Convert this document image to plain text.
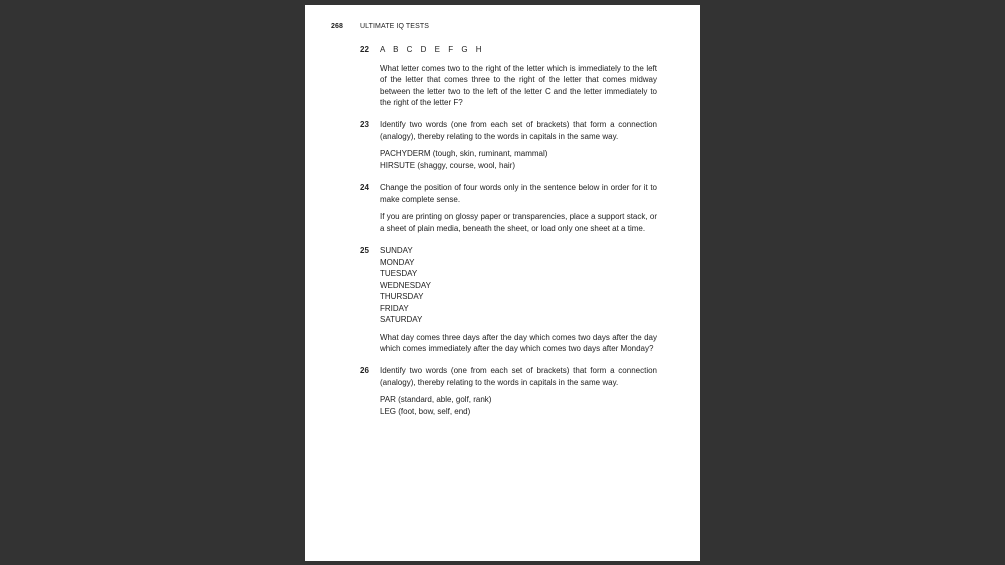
268 ULTIMATE IQ TESTS
22 A B C D E F G H

What letter comes two to the right of the letter which is immediately to the left of the letter that comes three to the right of the letter that comes midway between the letter two to the left of the letter C and the letter immediately to the right of the letter F?

23 Identify two words (one from each set of brackets) that form a connection (analogy), thereby relating to the words in capitals in the same way.

PACHYDERM (tough, skin, ruminant, mammal)
HIRSUTE (shaggy, course, wool, hair)

24 Change the position of four words only in the sentence below in order for it to make complete sense.

If you are printing on glossy paper or transparencies, place a support stack, or a sheet of plain media, beneath the sheet, or load only one sheet at a time.

25 SUNDAY
MONDAY
TUESDAY
WEDNESDAY
THURSDAY
FRIDAY
SATURDAY

What day comes three days after the day which comes two days after the day which comes immediately after the day which comes two days after Monday?

26 Identify two words (one from each set of brackets) that form a connection (analogy), thereby relating to the words in capitals in the same way.

PAR (standard, able, golf, rank)
LEG (foot, bow, self, end)
